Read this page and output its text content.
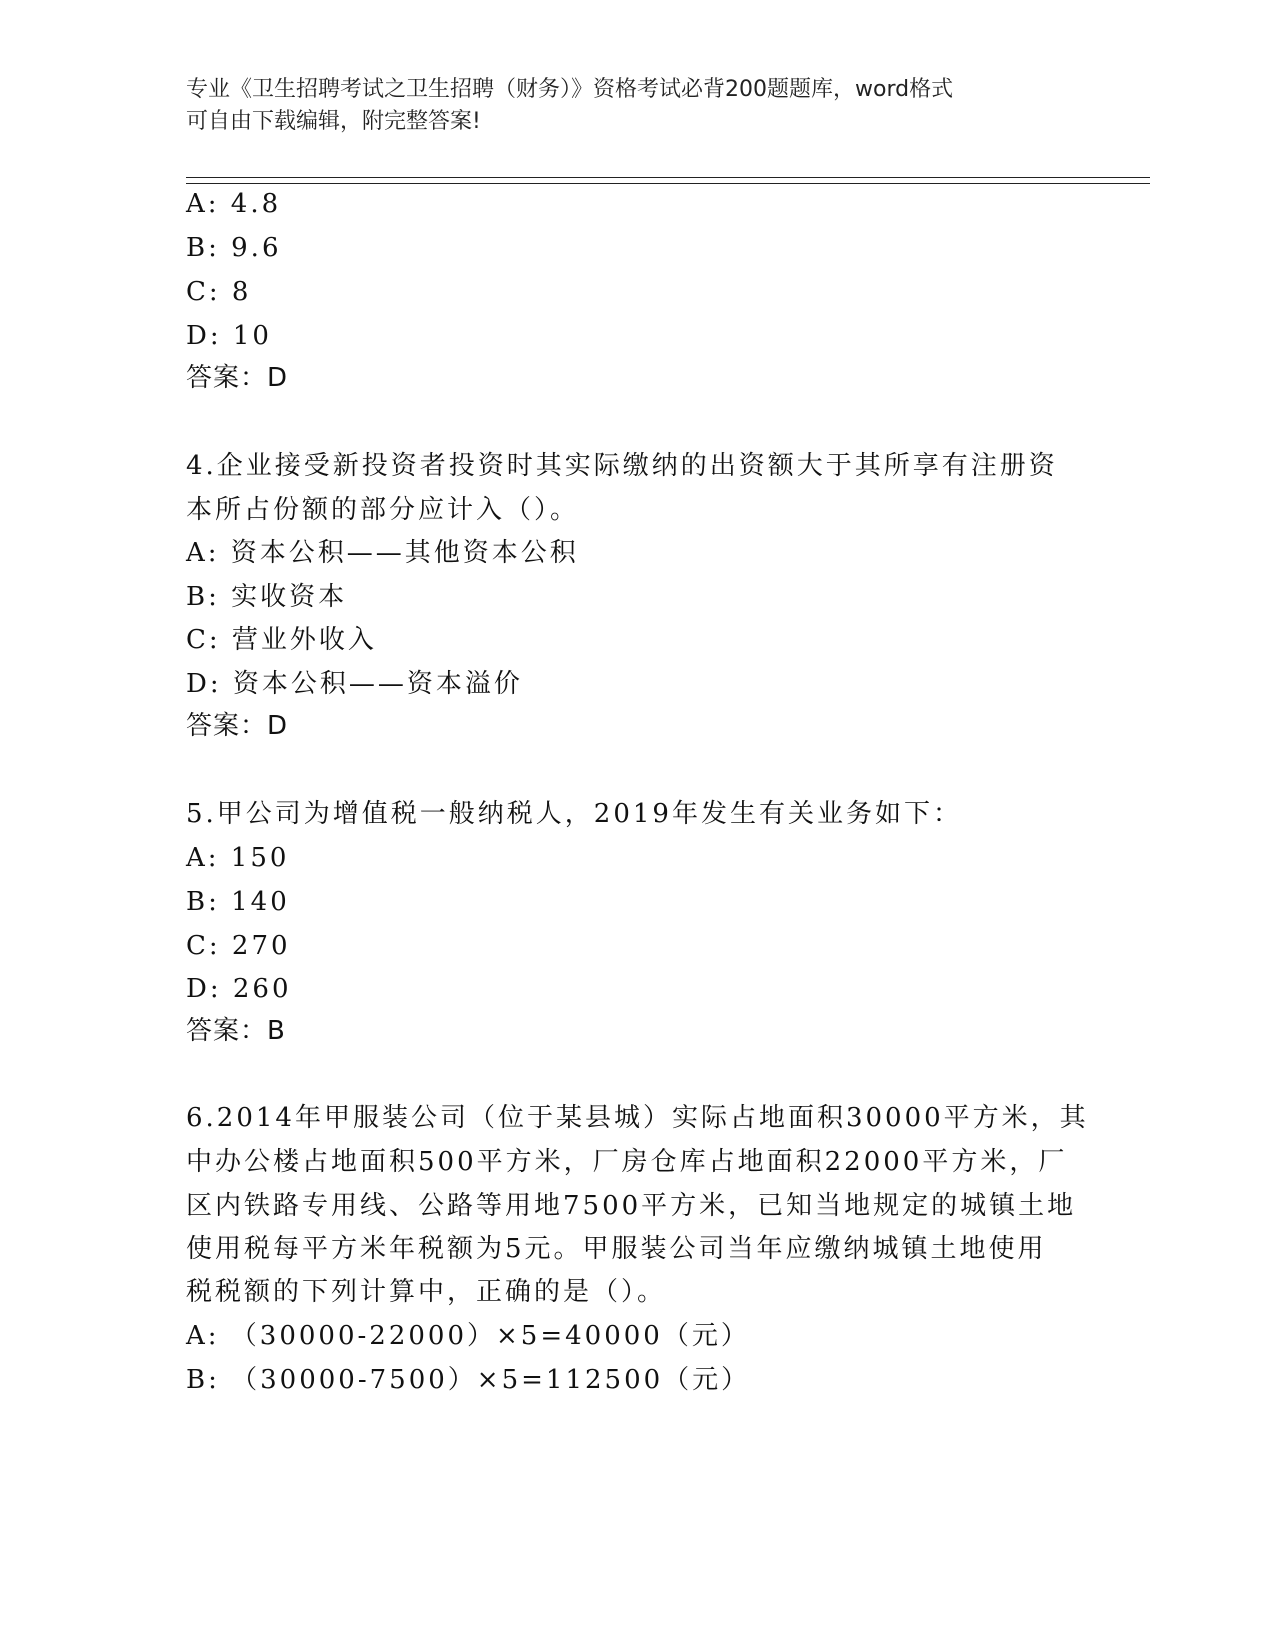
专业《卫生招聘考试之卫生招聘（财务）》资格考试必背200题题库，word格式
可自由下载编辑，附完整答案!
A: 4.8
B: 9.6
C: 8
D: 10
答案：D
4.企业接受新投资者投资时其实际缴纳的出资额大于其所享有注册资
本所占份额的部分应计入（）。
A: 资本公积——其他资本公积
B: 实收资本
C: 营业外收入
D: 资本公积——资本溢价
答案：D
5.甲公司为增值税一般纳税人，2019年发生有关业务如下：
A: 150
B: 140
C: 270
D: 260
答案：B
6.2014年甲服装公司（位于某县城）实际占地面积30000平方米，其
中办公楼占地面积500平方米，厂房仓库占地面积22000平方米，厂
区内铁路专用线、公路等用地7500平方米，已知当地规定的城镇土地
使用税每平方米年税额为5元。甲服装公司当年应缴纳城镇土地使用
税税额的下列计算中，正确的是（）。
A: （30000-22000）×5=40000（元）
B: （30000-7500）×5=112500（元）
